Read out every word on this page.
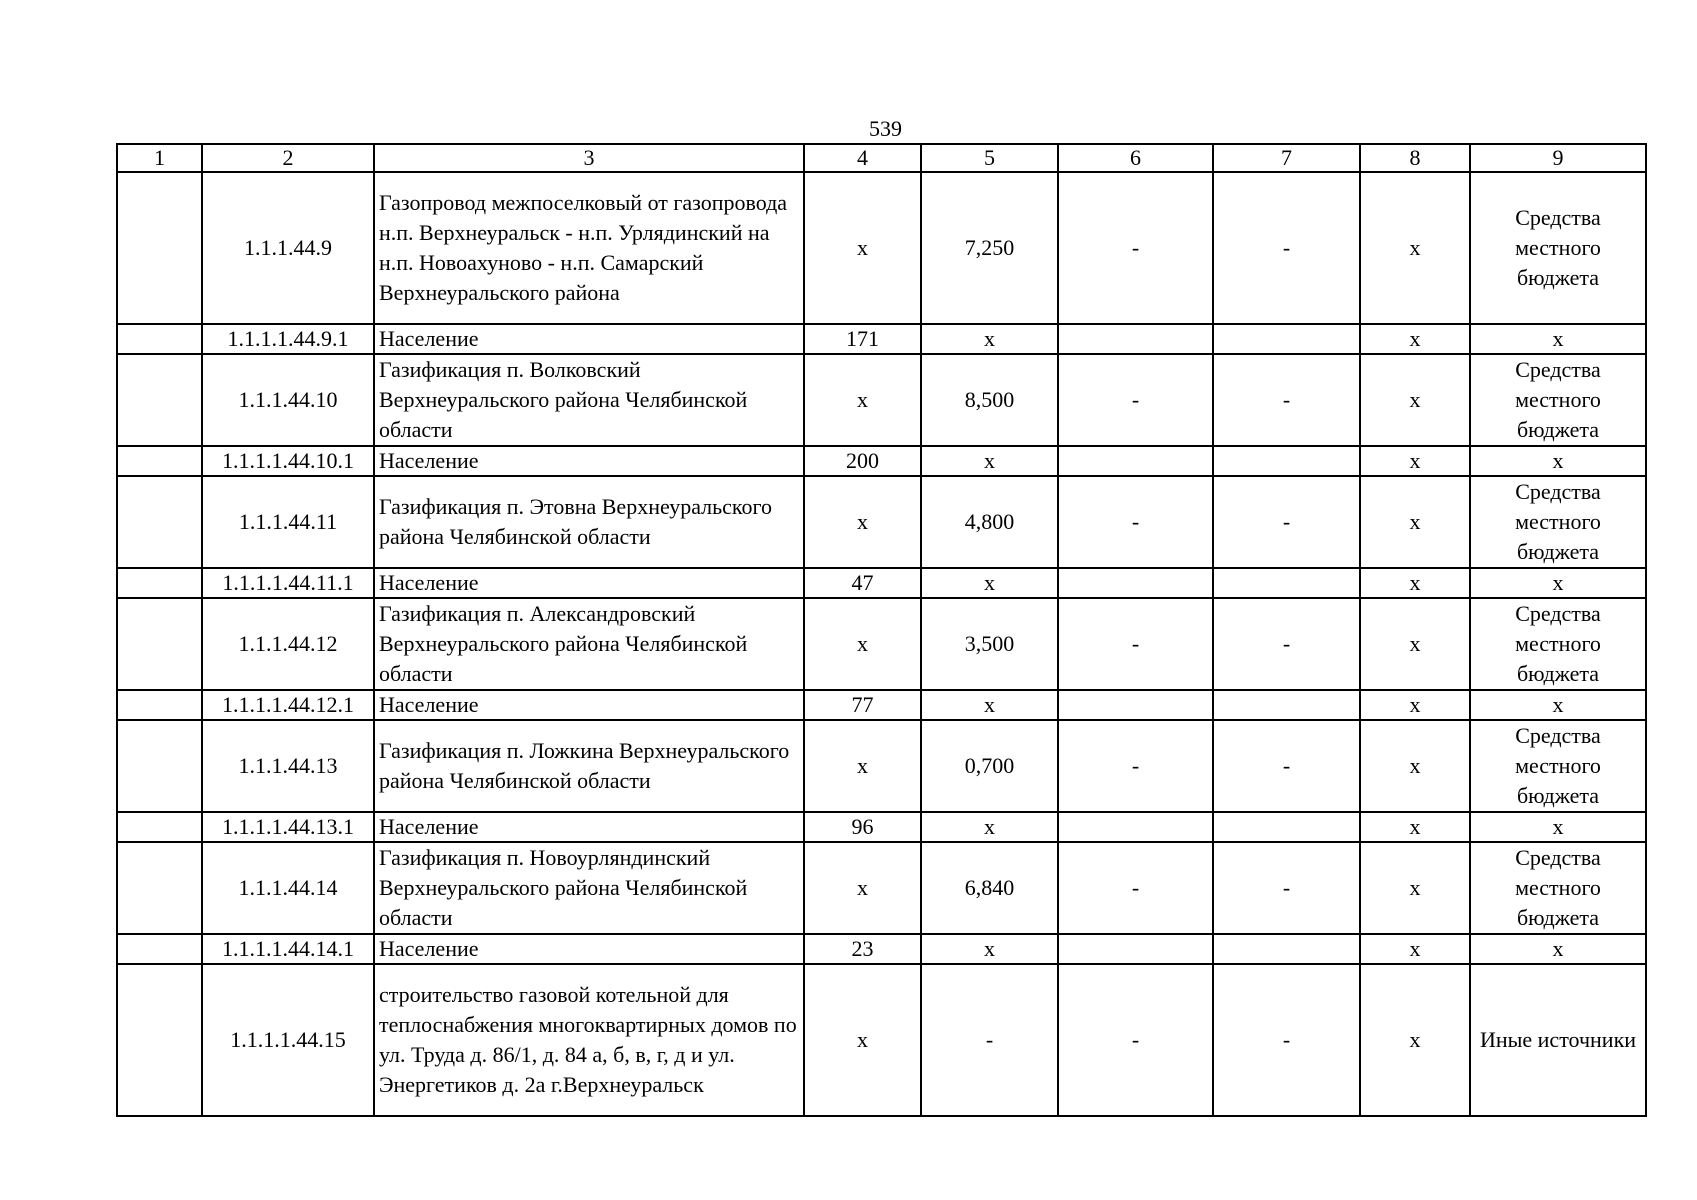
539
1	2	3	4	5	6	7	8	9
	1.1.1.44.9	Газопровод межпоселковый от газопровода н.п. Верхнеуральск - н.п. Урлядинский на н.п. Новоахуново - н.п. Самарский Верхнеуральского района	х	7,250	-	-	х	Средства местного бюджета
	1.1.1.1.44.9.1	Население	171	х			х	х
	1.1.1.44.10	Газификация п. Волковский Верхнеуральского района Челябинской области	х	8,500	-	-	х	Средства местного бюджета
	1.1.1.1.44.10.1	Население	200	х			х	х
	1.1.1.44.11	Газификация п. Этовна Верхнеуральского района Челябинской области	х	4,800	-	-	х	Средства местного бюджета
	1.1.1.1.44.11.1	Население	47	х			х	х
	1.1.1.44.12	Газификация п. Александровский Верхнеуральского района Челябинской области	х	3,500	-	-	х	Средства местного бюджета
	1.1.1.1.44.12.1	Население	77	х			х	х
	1.1.1.44.13	Газификация п. Ложкина Верхнеуральского района Челябинской области	х	0,700	-	-	х	Средства местного бюджета
	1.1.1.1.44.13.1	Население	96	х			х	х
	1.1.1.44.14	Газификация п. Новоурляндинский Верхнеуральского района Челябинской области	х	6,840	-	-	х	Средства местного бюджета
	1.1.1.1.44.14.1	Население	23	х			х	х
	1.1.1.1.44.15	строительство газовой котельной для теплоснабжения многоквартирных домов по ул. Труда д. 86/1, д. 84 а, б, в, г, д и ул. Энергетиков д. 2а г.Верхнеуральск	х	-	-	-	х	Иные источники
